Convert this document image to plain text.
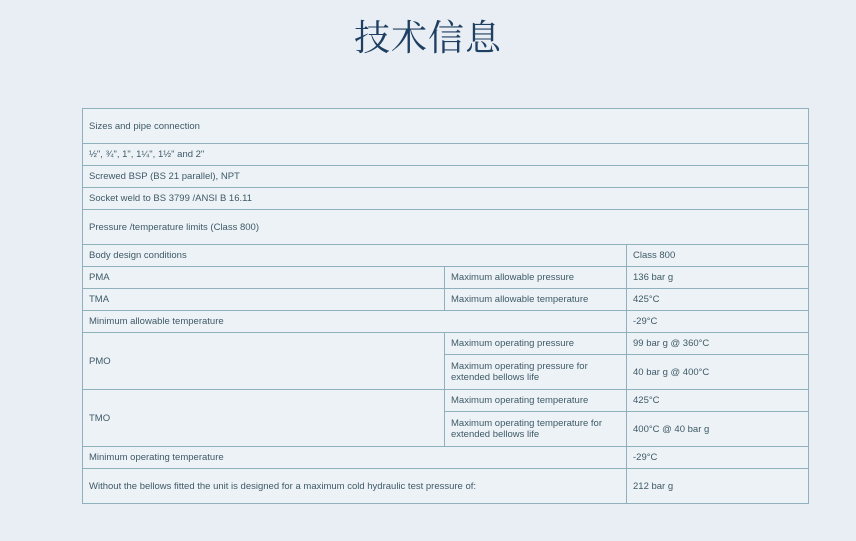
技术信息
Sizes and pipe connection		
½", ¾", 1", 1¼", 1½" and 2"		
Screwed BSP (BS 21 parallel), NPT		
Socket weld to BS 3799 /ANSI B 16.11		
Pressure /temperature limits (Class 800)		
Body design conditions		Class 800
PMA	Maximum allowable pressure	136 bar g
TMA	Maximum allowable temperature	425°C
Minimum allowable temperature		-29°C
PMO	Maximum operating pressure	99 bar g @ 360°C
	Maximum operating pressure for extended bellows life	40 bar g @ 400°C
TMO	Maximum operating temperature	425°C
	Maximum operating temperature for extended bellows life	400°C @ 40 bar g
Minimum operating temperature		-29°C
Without the bellows fitted the unit is designed for a maximum cold hydraulic test pressure of:		212 bar g
